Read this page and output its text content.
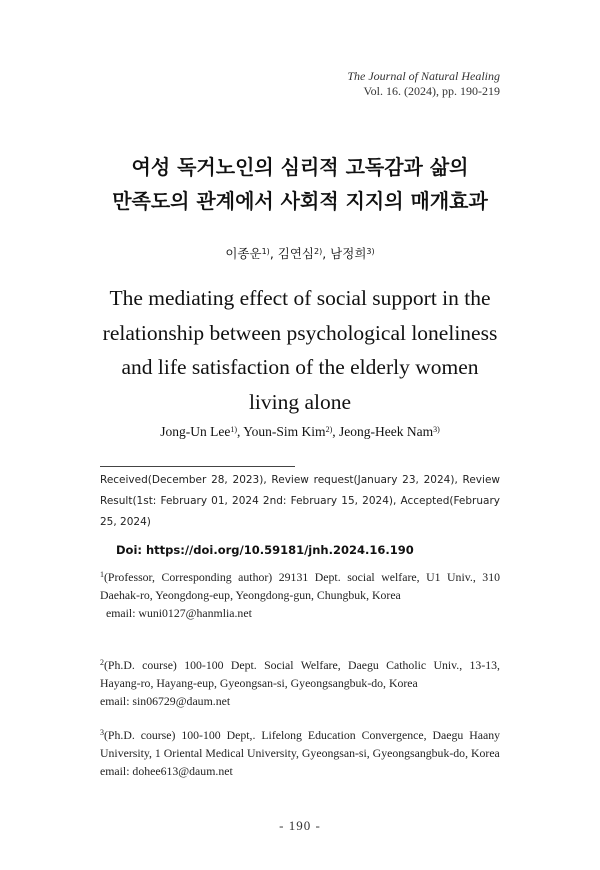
The Journal of Natural Healing
Vol. 16. (2024), pp. 190-219
여성 독거노인의 심리적 고독감과 삶의
만족도의 관계에서 사회적 지지의 매개효과
이종운$^{1)}$, 김연심$^{2)}$, 남정희$^{3)}$
The mediating effect of social support in the
relationship between psychological loneliness
and life satisfaction of the elderly women
living alone
Jong-Un Lee$^{1)}$, Youn-Sim Kim$^{2)}$, Jeong-Heek Nam$^{3)}$
Received(December 28, 2023), Review request(January 23, 2024), Review Result(1st: February 01, 2024 2nd: February 15, 2024), Accepted(February 25, 2024)
Doi: https://doi.org/10.59181/jnh.2024.16.190
$^1$(Professor, Corresponding author) 29131 Dept. social welfare, U1 Univ., 310 Daehak-ro, Yeongdong-eup, Yeongdong-gun, Chungbuk, Korea
email: wuni0127@hanmlia.net
$^2$(Ph.D. course) 100-100 Dept. Social Welfare, Daegu Catholic Univ., 13-13, Hayang-ro, Hayang-eup, Gyeongsan-si, Gyeongsangbuk-do, Korea
email: sin06729@daum.net
$^3$(Ph.D. course) 100-100 Dept,. Lifelong Education Convergence, Daegu Haany University, 1 Oriental Medical University, Gyeongsan-si, Gyeongsangbuk-do, Korea
email: dohee613@daum.net
- 190 -
